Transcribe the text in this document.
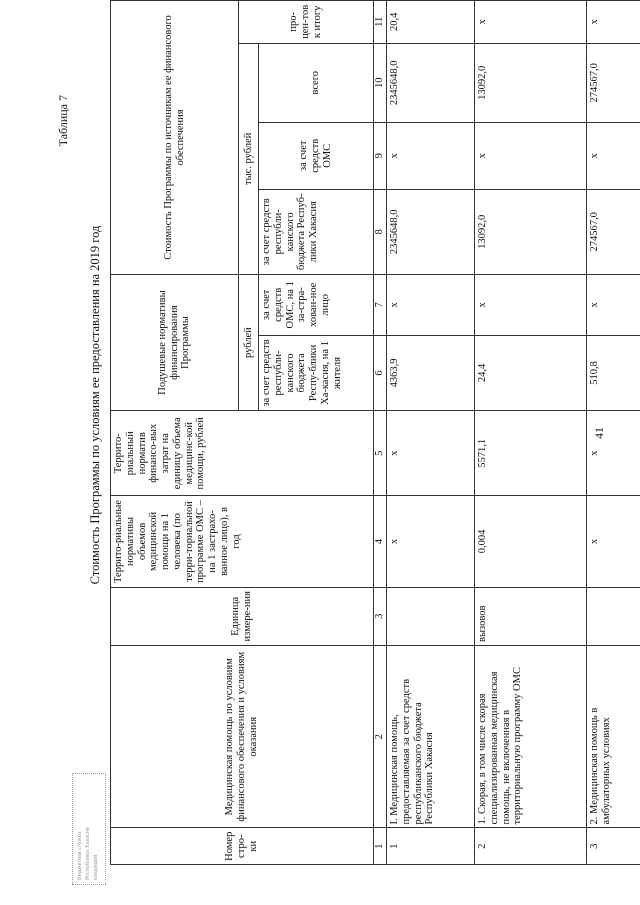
Бюджетная служба Республики Хакасия входящий
Таблица 7
Стоимость Программы по условиям ее предоставления на 2019 год
Номер стро-ки	Медицинская помощь по условиям финансового обеспечения и условиям оказания	Единица измере-ния	Террито-риальные нормативы объемов медицинской помощи на 1 человека (по терри-ториальной программе ОМС – на 1 застрахо-ванное лицо), в год	Террито-риальный норматив финансо-вых затрат на единицу объема медицинс-кой помощи, рублей	Подушевые нормативы финансирования Программы		Стоимость Программы по источникам ее финансового обеспечения			
					рублей		тыс. рублей			про-цен-тов к итогу
					за счет средств республи-канского бюджета Респу-блики Ха-касия, на 1 жителя	за счет средств ОМС, на 1 за-стра-хован-ное лицо	за счет средств республи-канского бюджета Респуб-лики Хакасия	за счет средств ОМС	всего	
1	2	3	4	5	6	7	8	9	10	11
1	I. Медицинская помощь, предоставляемая за счет средств республиканского бюджета Республики Хакасия		x	x	4363,9	x	2345648,0	x	2345648,0	20,4
2	1. Скорая, в том числе скорая специализированная медицинская помощь, не включенная в территориальную программу ОМС	вызовов	0,004	5571,1	24,4	x	13092,0	x	13092,0	x
3	2. Медицинская помощь в амбулаторных условиях		x	x	510,8	x	274567,0	x	274567,0	x
41
